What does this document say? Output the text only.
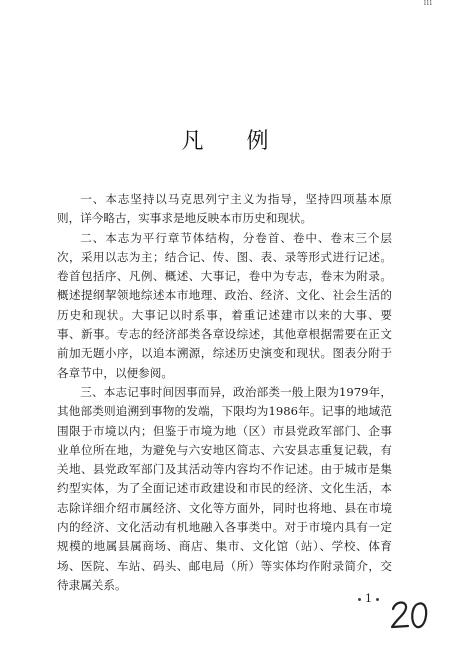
lll
凡 例

一、本志坚持以马克思列宁主义为指导，坚持四项基本原则，详今略古，实事求是地反映本市历史和现状。

二、本志为平行章节体结构，分卷首、卷中、卷末三个层次，采用以志为主；结合记、传、图、表、录等形式进行记述。卷首包括序、凡例、概述、大事记，卷中为专志，卷末为附录。概述提纲挈领地综述本市地理、政治、经济、文化、社会生活的历史和现状。大事记以时系事，着重记述建市以来的大事、要事、新事。专志的经济部类各章设综述，其他章根据需要在正文前加无题小序，以追本溯源，综述历史演变和现状。图表分附于各章节中，以便参阅。

三、本志记事时间因事而异，政治部类一般上限为1979年，其他部类则追溯到事物的发端，下限均为1986年。记事的地域范围限于市境以内；但鉴于市境为地（区）市县党政军部门、企事业单位所在地，为避免与六安地区简志、六安县志重复记载，有关地、县党政军部门及其活动等内容均不作记述。由于城市是集约型实体，为了全面记述市政建设和市民的经济、文化生活，本志除详细介绍市属经济、文化等方面外，同时也将地、县在市境内的经济、文化活动有机地融入各事类中。对于市境内具有一定规模的地属县属商场、商店、集市、文化馆（站）、学校、体育场、医院、车站、码头、邮电局（所）等实体均作附录简介，交待隶属关系。

1
